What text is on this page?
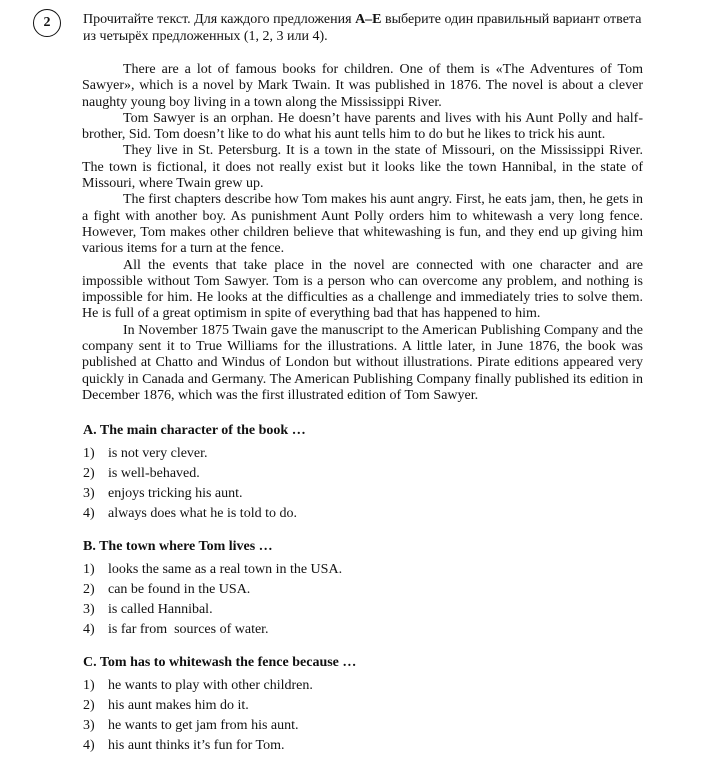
2 Прочитайте текст. Для каждого предложения A–E выберите один правильный вариант ответа из четырёх предложенных (1, 2, 3 или 4).

There are a lot of famous books for children. One of them is «The Adventures of Tom Sawyer», which is a novel by Mark Twain. It was published in 1876. The novel is about a clever naughty young boy living in a town along the Mississippi River.

Tom Sawyer is an orphan. He doesn’t have parents and lives with his Aunt Polly and half-brother, Sid. Tom doesn’t like to do what his aunt tells him to do but he likes to trick his aunt.

They live in St. Petersburg. It is a town in the state of Missouri, on the Mississippi River. The town is fictional, it does not really exist but it looks like the town Hannibal, in the state of Missouri, where Twain grew up.

The first chapters describe how Tom makes his aunt angry. First, he eats jam, then, he gets in a fight with another boy. As punishment Aunt Polly orders him to whitewash a very long fence. However, Tom makes other children believe that whitewashing is fun, and they end up giving him various items for a turn at the fence.

All the events that take place in the novel are connected with one character and are impossible without Tom Sawyer. Tom is a person who can overcome any problem, and nothing is impossible for him. He looks at the difficulties as a challenge and immediately tries to solve them. He is full of a great optimism in spite of everything bad that has happened to him.

In November 1875 Twain gave the manuscript to the American Publishing Company and the company sent it to True Williams for the illustrations. A little later, in June 1876, the book was published at Chatto and Windus of London but without illustrations. Pirate editions appeared very quickly in Canada and Germany. The American Publishing Company finally published its edition in December 1876, which was the first illustrated edition of Tom Sawyer.

A. The main character of the book …
1) is not very clever.
2) is well-behaved.
3) enjoys tricking his aunt.
4) always does what he is told to do.
B. The town where Tom lives …
1) looks the same as a real town in the USA.
2) can be found in the USA.
3) is called Hannibal.
4) is far from  sources of water.
C. Tom has to whitewash the fence because …
1) he wants to play with other children.
2) his aunt makes him do it.
3) he wants to get jam from his aunt.
4) his aunt thinks it’s fun for Tom.
